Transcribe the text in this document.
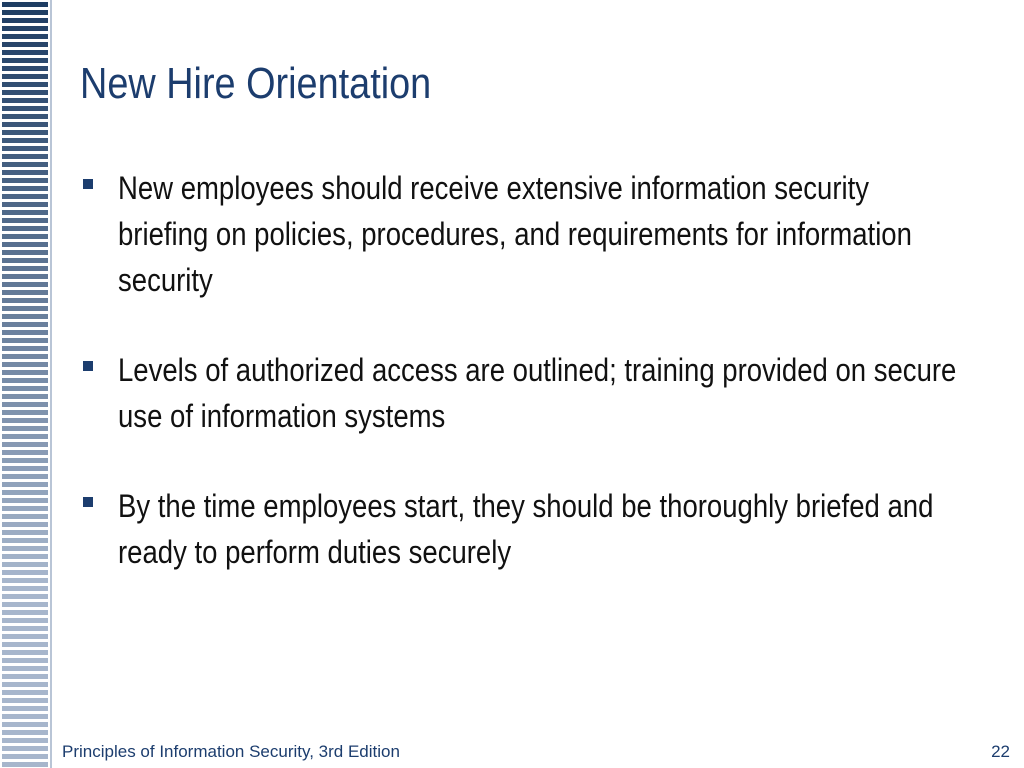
New Hire Orientation
New employees should receive extensive information security briefing on policies, procedures, and requirements for information security
Levels of authorized access are outlined; training provided on secure use of information systems
By the time employees start, they should be thoroughly briefed and ready to perform duties securely
Principles of Information Security, 3rd Edition	22
